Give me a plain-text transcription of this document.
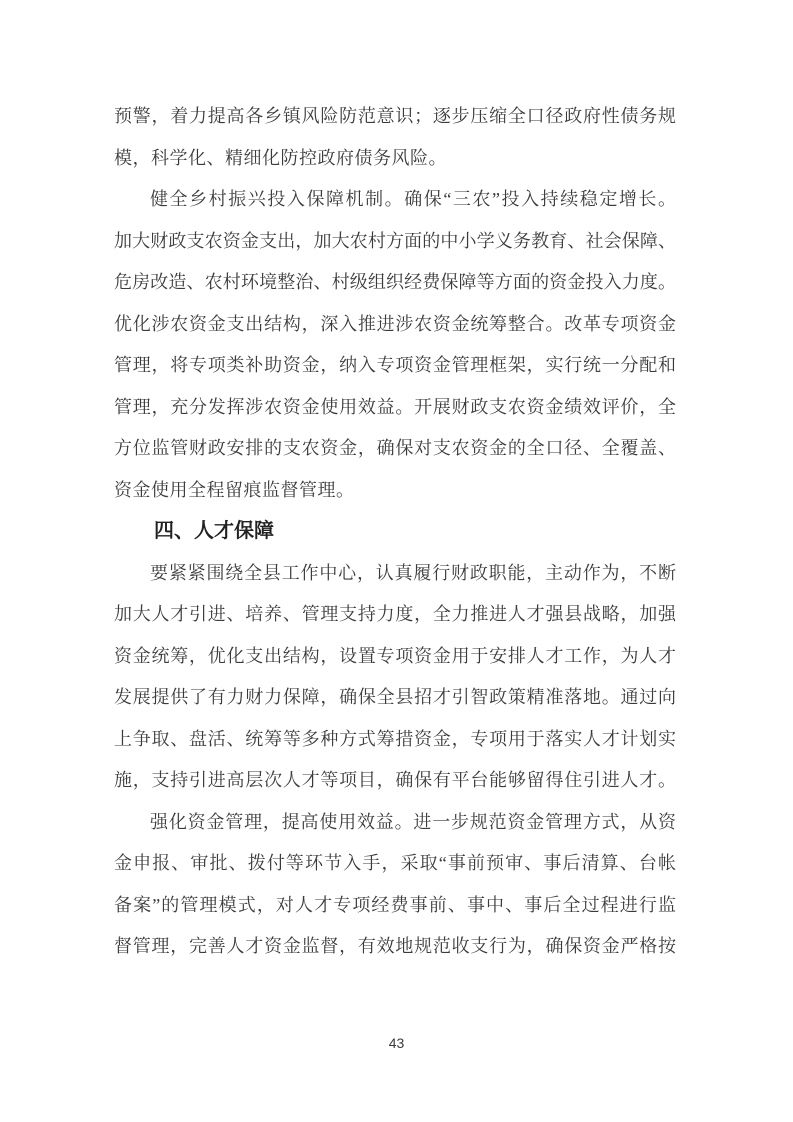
预警，着力提高各乡镇风险防范意识；逐步压缩全口径政府性债务规
模，科学化、精细化防控政府债务风险。
健全乡村振兴投入保障机制。确保“三农”投入持续稳定增长。
加大财政支农资金支出，加大农村方面的中小学义务教育、社会保障、
危房改造、农村环境整治、村级组织经费保障等方面的资金投入力度。
优化涉农资金支出结构，深入推进涉农资金统筹整合。改革专项资金
管理，将专项类补助资金，纳入专项资金管理框架，实行统一分配和
管理，充分发挥涉农资金使用效益。开展财政支农资金绩效评价，全
方位监管财政安排的支农资金，确保对支农资金的全口径、全覆盖、
资金使用全程留痕监督管理。
四、人才保障
要紧紧围绕全县工作中心，认真履行财政职能，主动作为，不断
加大人才引进、培养、管理支持力度，全力推进人才强县战略，加强
资金统筹，优化支出结构，设置专项资金用于安排人才工作，为人才
发展提供了有力财力保障，确保全县招才引智政策精准落地。通过向
上争取、盘活、统筹等多种方式筹措资金，专项用于落实人才计划实
施，支持引进高层次人才等项目，确保有平台能够留得住引进人才。
强化资金管理，提高使用效益。进一步规范资金管理方式，从资
金申报、审批、拨付等环节入手，采取“事前预审、事后清算、台帐
备案”的管理模式，对人才专项经费事前、事中、事后全过程进行监
督管理，完善人才资金监督，有效地规范收支行为，确保资金严格按
43
